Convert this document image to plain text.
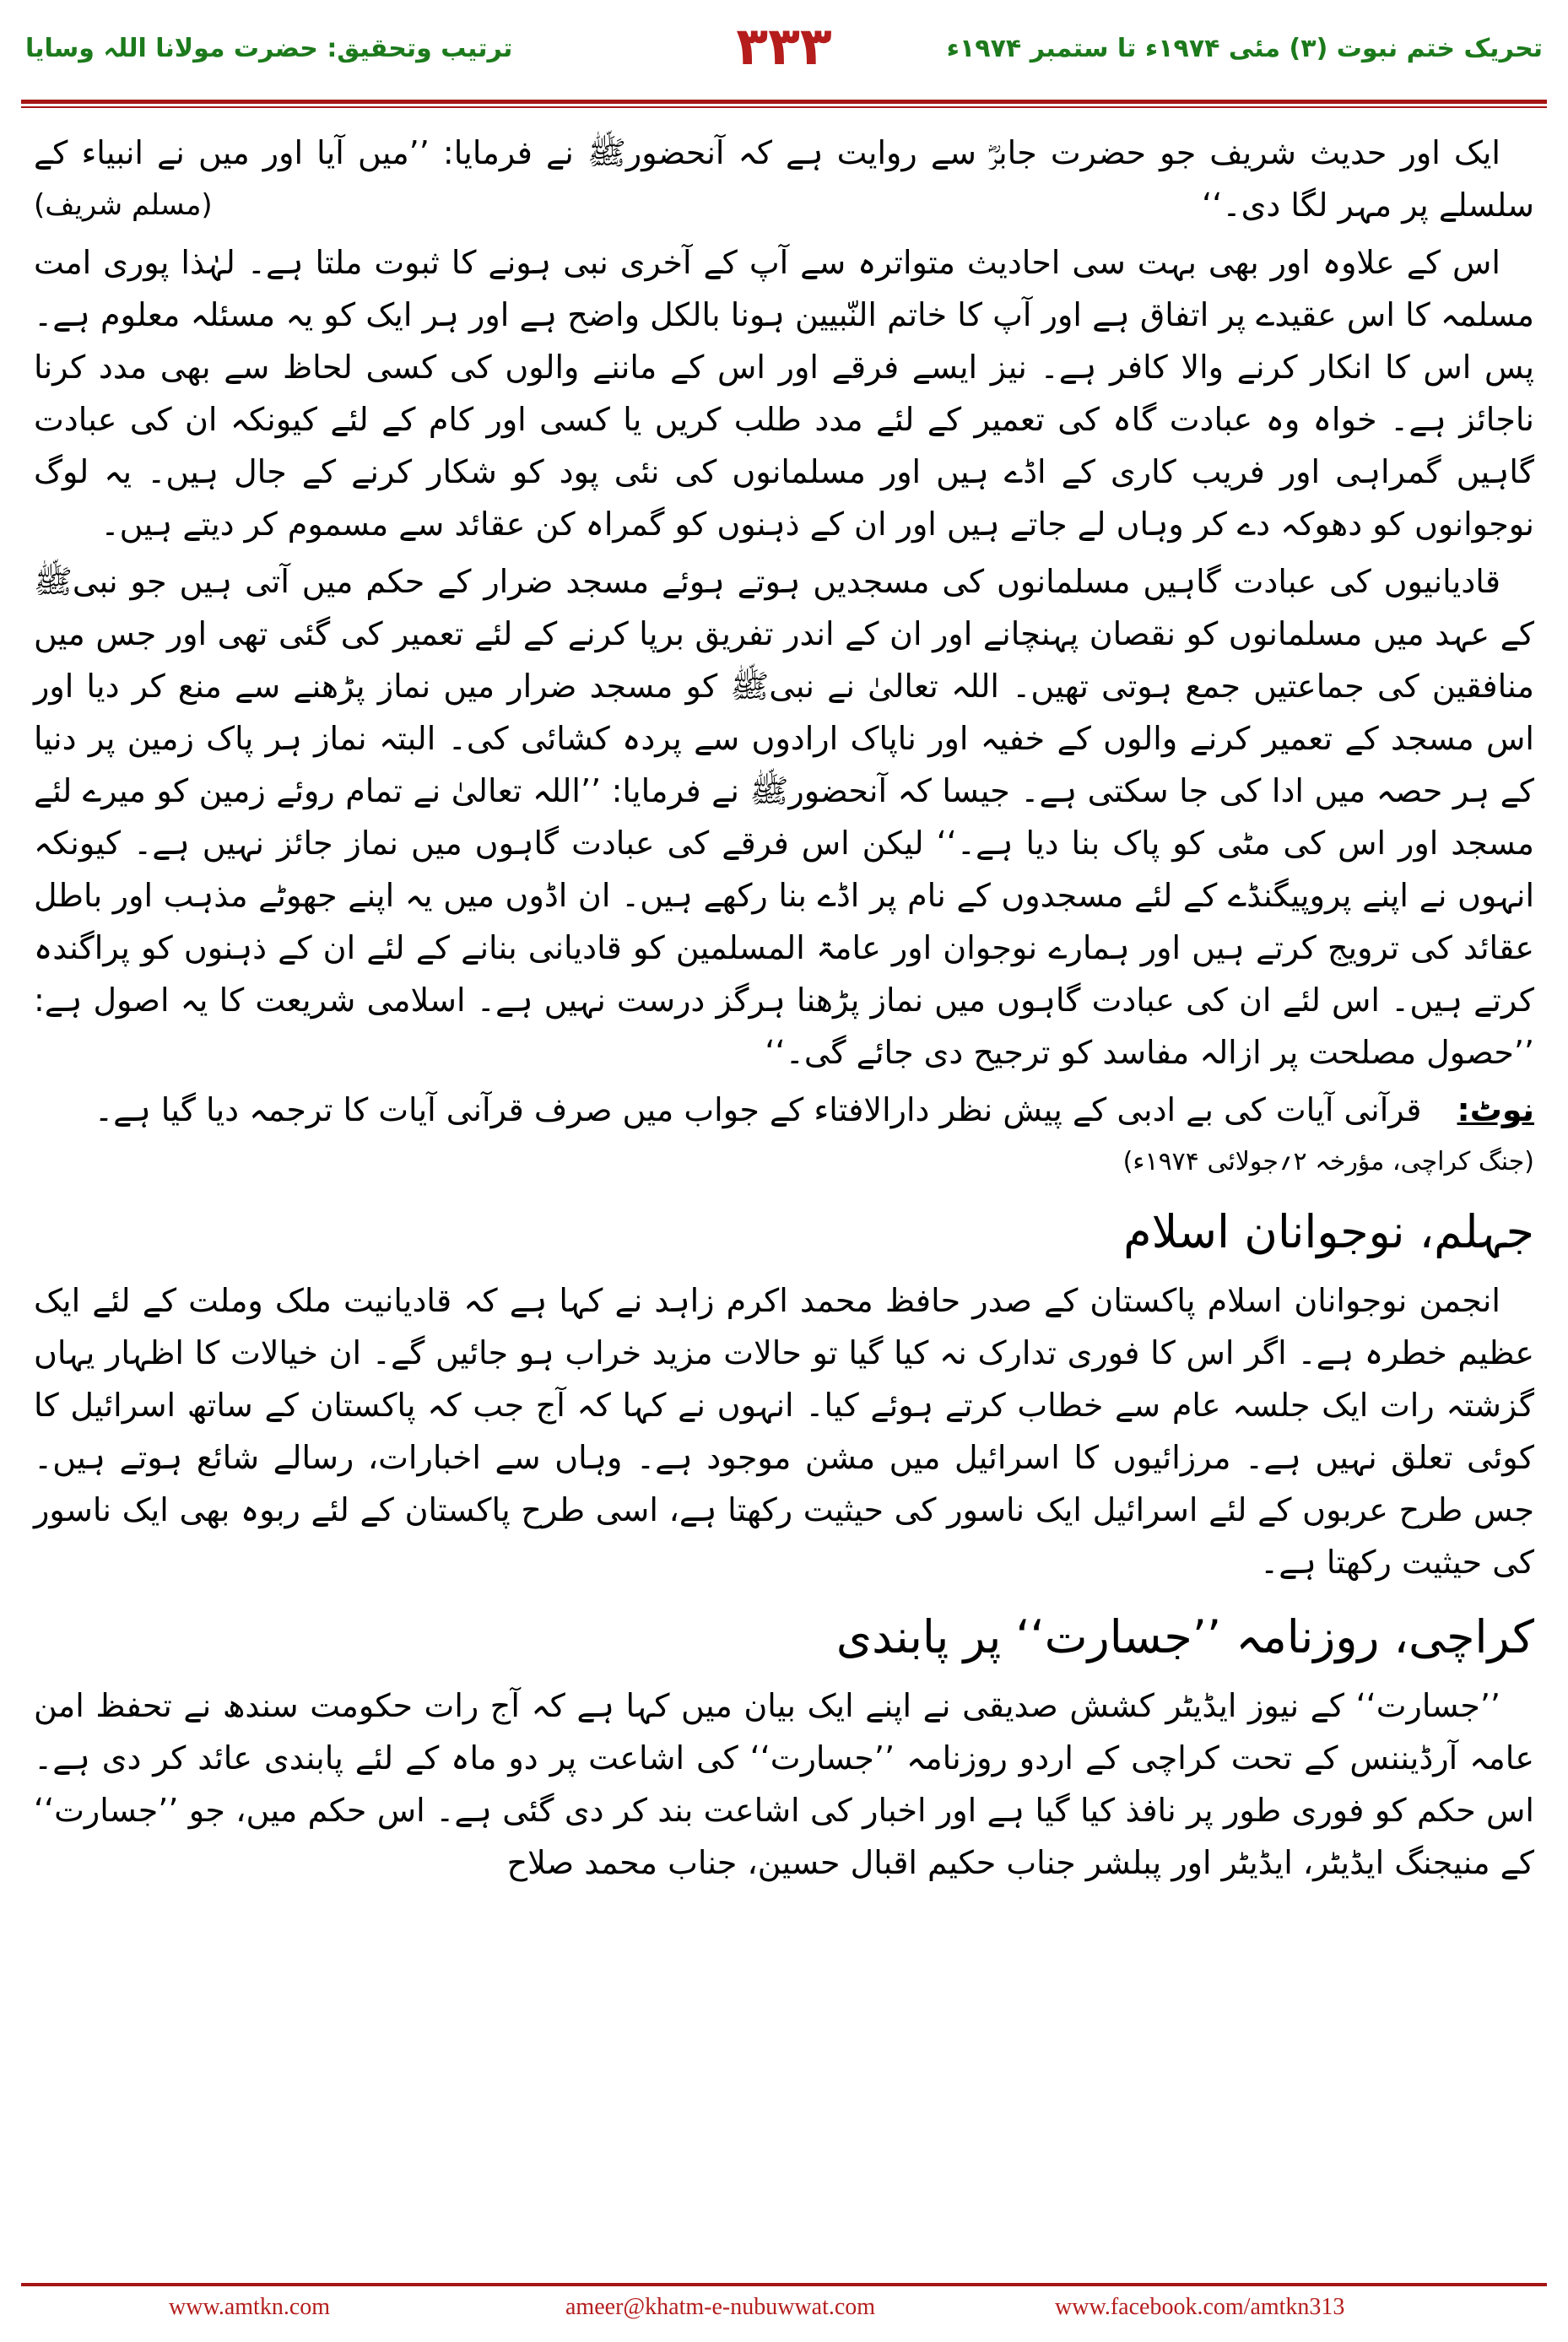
تحریک ختم نبوت (۳) مئی ۱۹۷۴ء تا ستمبر ۱۹۷۴ء
۳۳۳
ترتیب وتحقیق: حضرت مولانا اللہ وسایا

ایک اور حدیث شریف جو حضرت جابرؓ سے روایت ہے کہ آنحضورﷺ نے فرمایا: ’’میں آیا اور میں نے انبیاء کے سلسلے پر مہر لگا دی۔‘‘
(مسلم شریف)

اس کے علاوہ اور بھی بہت سی احادیث متواترہ سے آپ کے آخری نبی ہونے کا ثبوت ملتا ہے۔ لہٰذا پوری امت مسلمہ کا اس عقیدے پر اتفاق ہے اور آپ کا خاتم النّبیین ہونا بالکل واضح ہے اور ہر ایک کو یہ مسئلہ معلوم ہے۔ پس اس کا انکار کرنے والا کافر ہے۔ نیز ایسے فرقے اور اس کے ماننے والوں کی کسی لحاظ سے بھی مدد کرنا ناجائز ہے۔ خواہ وہ عبادت گاہ کی تعمیر کے لئے مدد طلب کریں یا کسی اور کام کے لئے کیونکہ ان کی عبادت گاہیں گمراہی اور فریب کاری کے اڈے ہیں اور مسلمانوں کی نئی پود کو شکار کرنے کے جال ہیں۔ یہ لوگ نوجوانوں کو دھوکہ دے کر وہاں لے جاتے ہیں اور ان کے ذہنوں کو گمراہ کن عقائد سے مسموم کر دیتے ہیں۔

قادیانیوں کی عبادت گاہیں مسلمانوں کی مسجدیں ہوتے ہوئے مسجد ضرار کے حکم میں آتی ہیں جو نبیﷺ کے عہد میں مسلمانوں کو نقصان پہنچانے اور ان کے اندر تفریق برپا کرنے کے لئے تعمیر کی گئی تھی اور جس میں منافقین کی جماعتیں جمع ہوتی تھیں۔ اللہ تعالیٰ نے نبیﷺ کو مسجد ضرار میں نماز پڑھنے سے منع کر دیا اور اس مسجد کے تعمیر کرنے والوں کے خفیہ اور ناپاک ارادوں سے پردہ کشائی کی۔ البتہ نماز ہر پاک زمین پر دنیا کے ہر حصہ میں ادا کی جا سکتی ہے۔ جیسا کہ آنحضورﷺ نے فرمایا: ’’اللہ تعالیٰ نے تمام روئے زمین کو میرے لئے مسجد اور اس کی مٹی کو پاک بنا دیا ہے۔‘‘ لیکن اس فرقے کی عبادت گاہوں میں نماز جائز نہیں ہے۔ کیونکہ انہوں نے اپنے پروپیگنڈے کے لئے مسجدوں کے نام پر اڈے بنا رکھے ہیں۔ ان اڈوں میں یہ اپنے جھوٹے مذہب اور باطل عقائد کی ترویج کرتے ہیں اور ہمارے نوجوان اور عامۃ المسلمین کو قادیانی بنانے کے لئے ان کے ذہنوں کو پراگندہ کرتے ہیں۔ اس لئے ان کی عبادت گاہوں میں نماز پڑھنا ہرگز درست نہیں ہے۔ اسلامی شریعت کا یہ اصول ہے: ’’حصول مصلحت پر ازالہ مفاسد کو ترجیح دی جائے گی۔‘‘

نوٹ: قرآنی آیات کی بے ادبی کے پیش نظر دارالافتاء کے جواب میں صرف قرآنی آیات کا ترجمہ دیا گیا ہے۔

(جنگ کراچی، مؤرخہ ۲؍جولائی ۱۹۷۴ء)

جہلم، نوجوانان اسلام

انجمن نوجوانان اسلام پاکستان کے صدر حافظ محمد اکرم زاہد نے کہا ہے کہ قادیانیت ملک وملت کے لئے ایک عظیم خطرہ ہے۔ اگر اس کا فوری تدارک نہ کیا گیا تو حالات مزید خراب ہو جائیں گے۔ ان خیالات کا اظہار یہاں گزشتہ رات ایک جلسہ عام سے خطاب کرتے ہوئے کیا۔ انہوں نے کہا کہ آج جب کہ پاکستان کے ساتھ اسرائیل کا کوئی تعلق نہیں ہے۔ مرزائیوں کا اسرائیل میں مشن موجود ہے۔ وہاں سے اخبارات، رسالے شائع ہوتے ہیں۔ جس طرح عربوں کے لئے اسرائیل ایک ناسور کی حیثیت رکھتا ہے، اسی طرح پاکستان کے لئے ربوہ بھی ایک ناسور کی حیثیت رکھتا ہے۔

کراچی، روزنامہ ’’جسارت‘‘ پر پابندی

’’جسارت‘‘ کے نیوز ایڈیٹر کشش صدیقی نے اپنے ایک بیان میں کہا ہے کہ آج رات حکومت سندھ نے تحفظ امن عامہ آرڈیننس کے تحت کراچی کے اردو روزنامہ ’’جسارت‘‘ کی اشاعت پر دو ماہ کے لئے پابندی عائد کر دی ہے۔ اس حکم کو فوری طور پر نافذ کیا گیا ہے اور اخبار کی اشاعت بند کر دی گئی ہے۔ اس حکم میں، جو ’’جسارت‘‘ کے منیجنگ ایڈیٹر، ایڈیٹر اور پبلشر جناب حکیم اقبال حسین، جناب محمد صلاح

www.amtkn.com	ameer@khatm-e-nubuwwat.com	www.facebook.com/amtkn313
